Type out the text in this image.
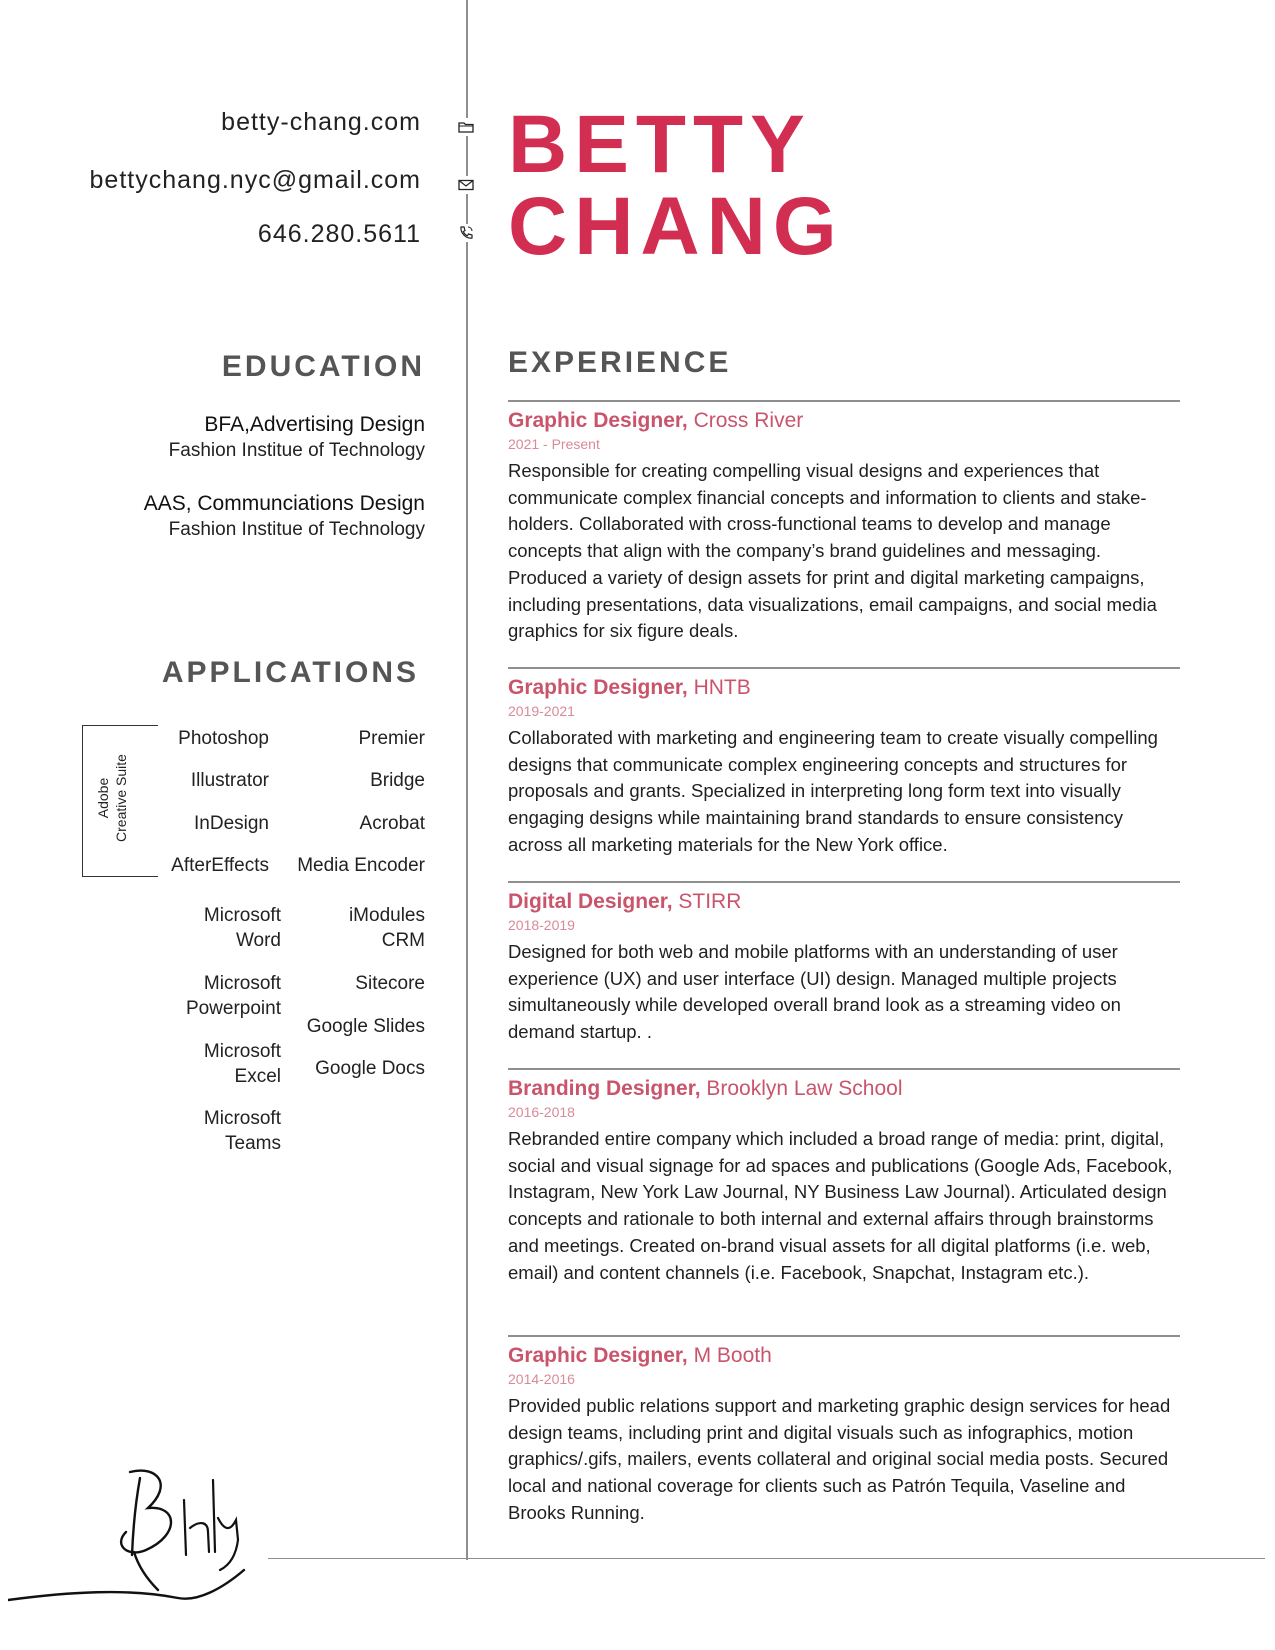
betty-chang.com
bettychang.nyc@gmail.com
646.280.5611
BETTY
CHANG
EDUCATION
BFA,Advertising Design
Fashion Institue of Technology
AAS, Communciations Design
Fashion Institue of Technology
APPLICATIONS
Adobe Creative Suite
Photoshop
Illustrator
InDesign
AfterEffects
Premier
Bridge
Acrobat
Media Encoder
Microsoft
Word
Microsoft
Powerpoint
Microsoft
Excel
Microsoft
Teams
iModules
CRM
Sitecore
Google Slides
Google Docs
EXPERIENCE
Graphic Designer, Cross River
2021 - Present
Responsible for creating compelling visual designs and experiences that communicate complex financial concepts and information to clients and stake-holders. Collaborated with cross-functional teams to develop and manage concepts that align with the company’s brand guidelines and messaging. Produced a variety of design assets for print and digital marketing campaigns, including presentations, data visualizations, email campaigns, and social media graphics for six figure deals.
Graphic Designer, HNTB
2019-2021
Collaborated with marketing and engineering team to create visually compelling designs that communicate complex engineering concepts and structures for proposals and grants. Specialized in interpreting long form text into visually engaging designs while maintaining brand standards to ensure consistency across all marketing materials for the New York office.
Digital Designer, STIRR
2018-2019
Designed for both web and mobile platforms with an understanding of user experience (UX) and user interface (UI) design. Managed multiple projects simultaneously while developed overall brand look as a streaming video on demand startup. .
Branding Designer, Brooklyn Law School
2016-2018
Rebranded entire company which included a broad range of media: print, digital, social and visual signage for ad spaces and publications (Google Ads, Facebook, Instagram, New York Law Journal, NY Business Law Journal). Articulated design concepts and rationale to both internal and external affairs through brainstorms and meetings. Created on-brand visual assets for all digital platforms (i.e. web, email) and content channels (i.e. Facebook, Snapchat, Instagram etc.).
Graphic Designer, M Booth
2014-2016
Provided public relations support and marketing graphic design services for head design teams, including print and digital visuals such as infographics, motion graphics/.gifs, mailers, events collateral and original social media posts. Secured local and national coverage for clients such as Patrón Tequila, Vaseline and Brooks Running.
